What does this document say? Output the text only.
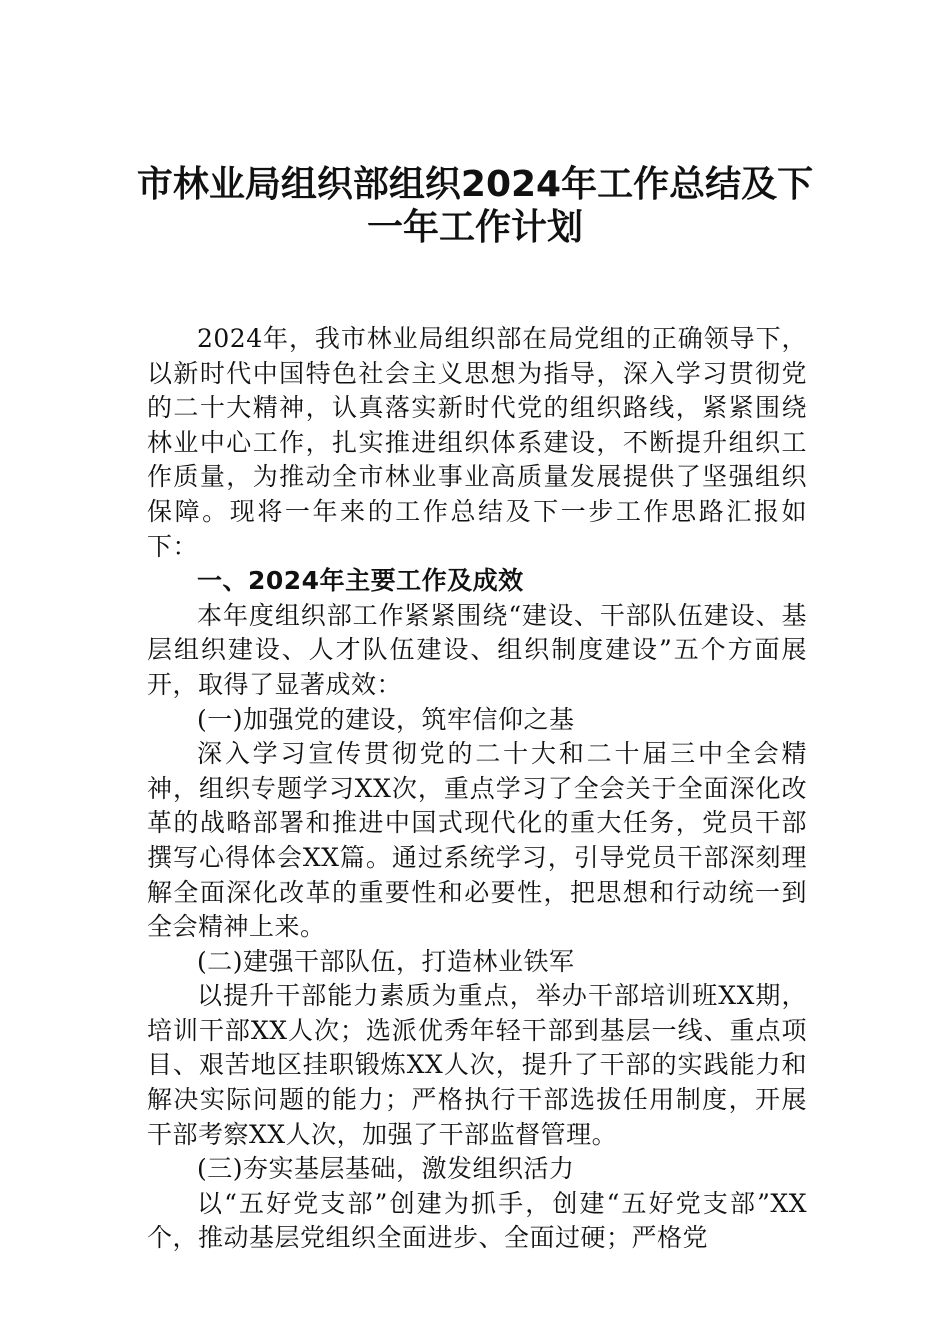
市林业局组织部组织2024年工作总结及下
一年工作计划

2024年，我市林业局组织部在局党组的正确领导下，以新时代中国特色社会主义思想为指导，深入学习贯彻党的二十大精神，认真落实新时代党的组织路线，紧紧围绕林业中心工作，扎实推进组织体系建设，不断提升组织工作质量，为推动全市林业事业高质量发展提供了坚强组织保障。现将一年来的工作总结及下一步工作思路汇报如下：

一、2024年主要工作及成效

本年度组织部工作紧紧围绕“建设、干部队伍建设、基层组织建设、人才队伍建设、组织制度建设”五个方面展开，取得了显著成效：

(一)加强党的建设，筑牢信仰之基

深入学习宣传贯彻党的二十大和二十届三中全会精神，组织专题学习XX次，重点学习了全会关于全面深化改革的战略部署和推进中国式现代化的重大任务，党员干部撰写心得体会XX篇。通过系统学习，引导党员干部深刻理解全面深化改革的重要性和必要性，把思想和行动统一到全会精神上来。

(二)建强干部队伍，打造林业铁军

以提升干部能力素质为重点，举办干部培训班XX期，培训干部XX人次；选派优秀年轻干部到基层一线、重点项目、艰苦地区挂职锻炼XX人次，提升了干部的实践能力和解决实际问题的能力；严格执行干部选拔任用制度，开展干部考察XX人次，加强了干部监督管理。

(三)夯实基层基础，激发组织活力

以“五好党支部”创建为抓手，创建“五好党支部”XX个，推动基层党组织全面进步、全面过硬；严格党
